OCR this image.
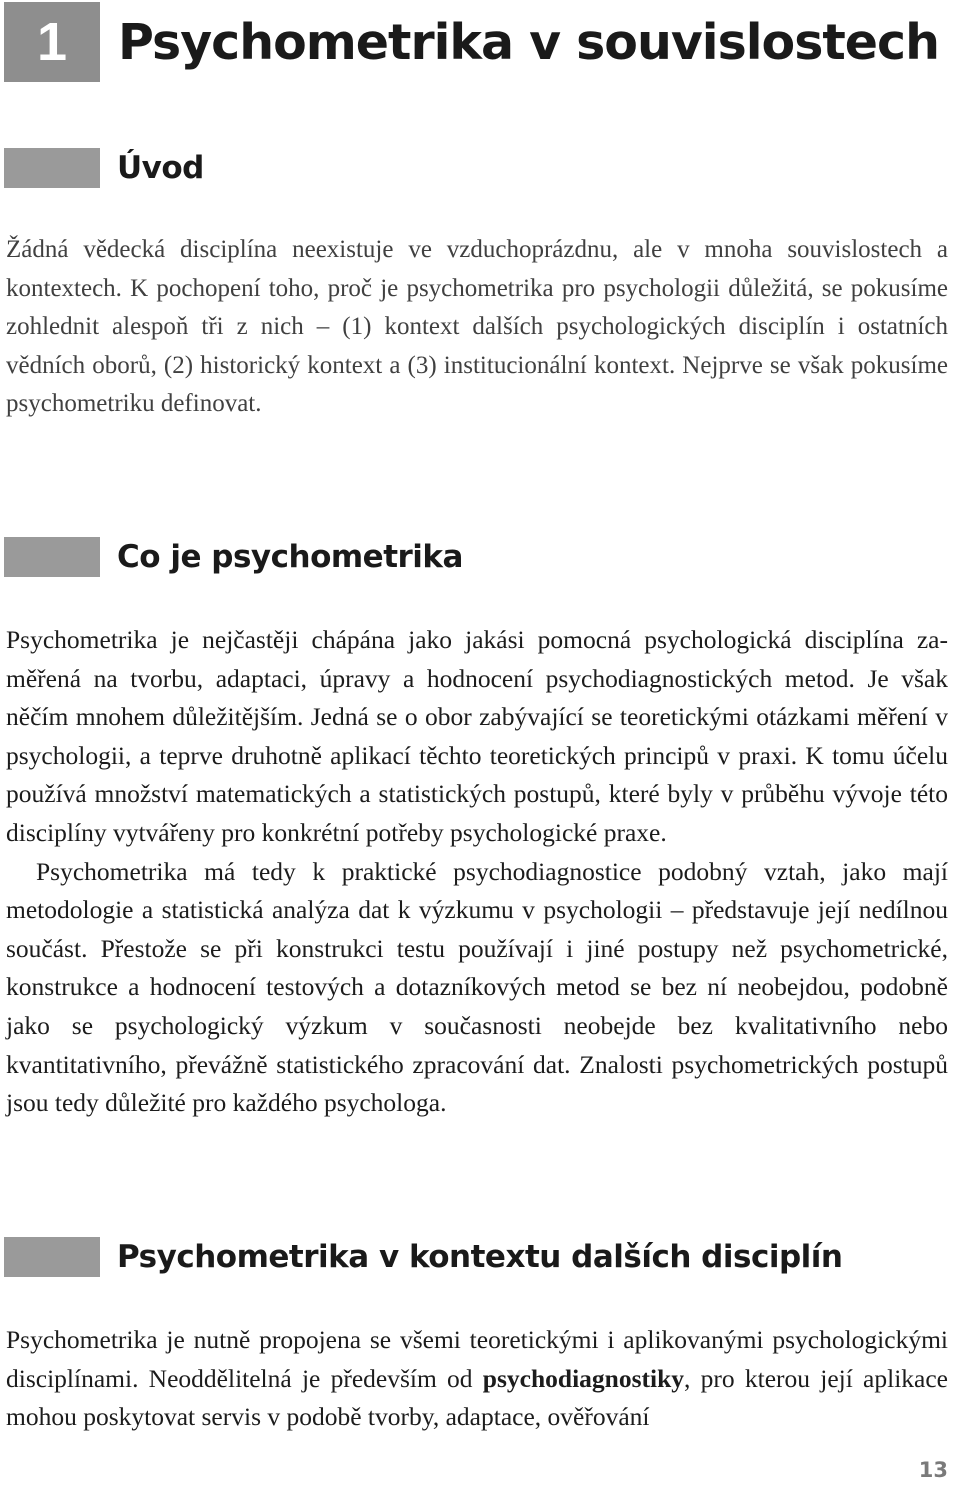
1	Psychometrika v souvislostech
Úvod

Žádná vědecká disciplína neexistuje ve vzduchoprázdnu, ale v mnoha souvislostech a kontextech. K pochopení toho, proč je psychometrika pro psychologii důležitá, se pokusíme zohlednit alespoň tři z nich – (1) kontext dalších psychologických disciplín i ostatních vědních oborů, (2) historický kontext a (3) institucionální kontext. Nejprve se však pokusíme psychometriku definovat.

Co je psychometrika
Psychometrika je nejčastěji chápána jako jakási pomocná psychologická disciplína zaměřená na tvorbu, adaptaci, úpravy a hodnocení psychodiagnostických metod. Je však něčím mnohem důležitějším. Jedná se o obor zabývající se teoretickými otázkami měření v psychologii, a teprve druhotně aplikací těchto teoretických principů v praxi. K tomu účelu používá množství matematických a statistických postupů, které byly v průběhu vývoje této disciplíny vytvářeny pro konkrétní potřeby psychologické praxe.
Psychometrika má tedy k praktické psychodiagnostice podobný vztah, jako mají metodologie a statistická analýza dat k výzkumu v psychologii – představuje její nedílnou součást. Přestože se při konstrukci testu používají i jiné postupy než psychometrické, konstrukce a hodnocení testových a dotazníkových metod se bez ní neobejdou, podobně jako se psychologický výzkum v současnosti neobejde bez kvalitativního nebo kvantitativního, převážně statistického zpracování dat. Znalosti psychometrických postupů jsou tedy důležité pro každého psychologa.
Psychometrika v kontextu dalších disciplín

Psychometrika je nutně propojena se všemi teoretickými i aplikovanými psychologickými disciplínami. Neoddělitelná je především od psychodiagnostiky, pro kterou její aplikace mohou poskytovat servis v podobě tvorby, adaptace, ověřování

13
